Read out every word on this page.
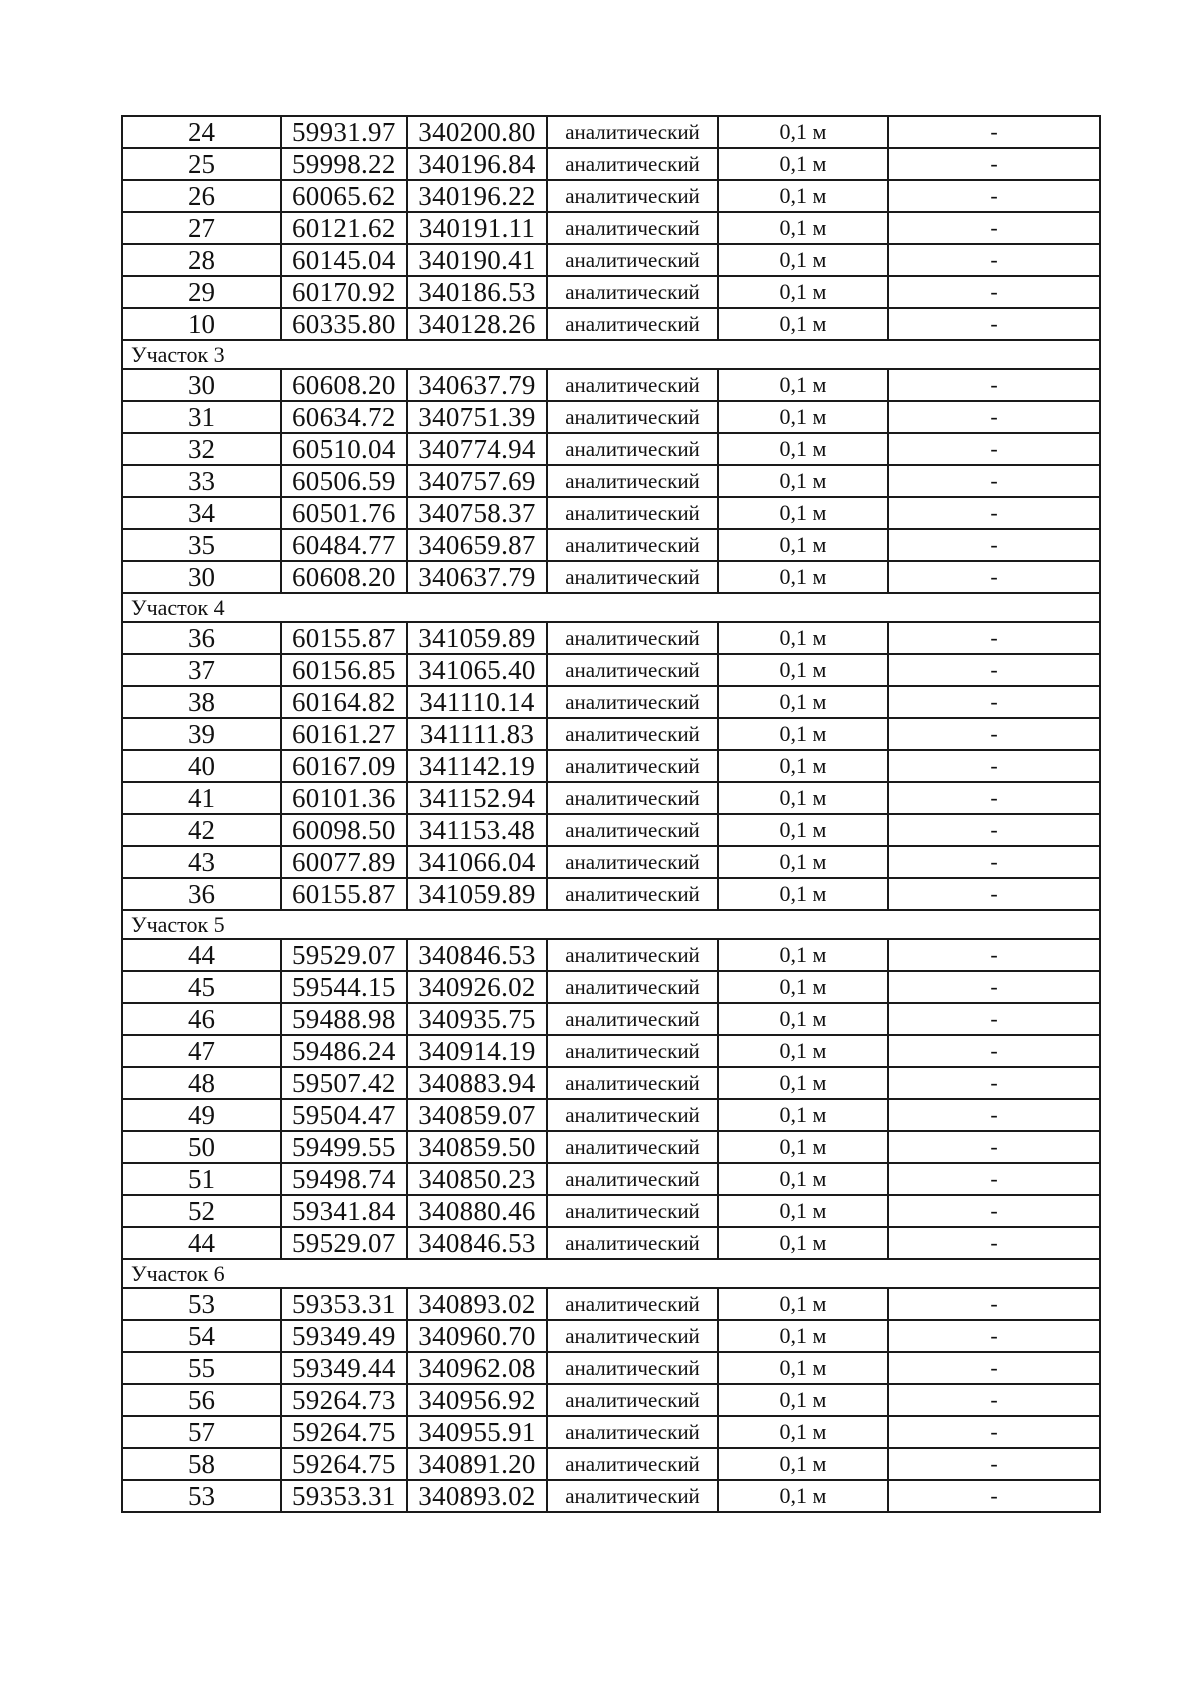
24	59931.97	340200.80	аналитический	0,1 м	-
25	59998.22	340196.84	аналитический	0,1 м	-
26	60065.62	340196.22	аналитический	0,1 м	-
27	60121.62	340191.11	аналитический	0,1 м	-
28	60145.04	340190.41	аналитический	0,1 м	-
29	60170.92	340186.53	аналитический	0,1 м	-
10	60335.80	340128.26	аналитический	0,1 м	-
Участок 3					
30	60608.20	340637.79	аналитический	0,1 м	-
31	60634.72	340751.39	аналитический	0,1 м	-
32	60510.04	340774.94	аналитический	0,1 м	-
33	60506.59	340757.69	аналитический	0,1 м	-
34	60501.76	340758.37	аналитический	0,1 м	-
35	60484.77	340659.87	аналитический	0,1 м	-
30	60608.20	340637.79	аналитический	0,1 м	-
Участок 4					
36	60155.87	341059.89	аналитический	0,1 м	-
37	60156.85	341065.40	аналитический	0,1 м	-
38	60164.82	341110.14	аналитический	0,1 м	-
39	60161.27	341111.83	аналитический	0,1 м	-
40	60167.09	341142.19	аналитический	0,1 м	-
41	60101.36	341152.94	аналитический	0,1 м	-
42	60098.50	341153.48	аналитический	0,1 м	-
43	60077.89	341066.04	аналитический	0,1 м	-
36	60155.87	341059.89	аналитический	0,1 м	-
Участок 5					
44	59529.07	340846.53	аналитический	0,1 м	-
45	59544.15	340926.02	аналитический	0,1 м	-
46	59488.98	340935.75	аналитический	0,1 м	-
47	59486.24	340914.19	аналитический	0,1 м	-
48	59507.42	340883.94	аналитический	0,1 м	-
49	59504.47	340859.07	аналитический	0,1 м	-
50	59499.55	340859.50	аналитический	0,1 м	-
51	59498.74	340850.23	аналитический	0,1 м	-
52	59341.84	340880.46	аналитический	0,1 м	-
44	59529.07	340846.53	аналитический	0,1 м	-
Участок 6					
53	59353.31	340893.02	аналитический	0,1 м	-
54	59349.49	340960.70	аналитический	0,1 м	-
55	59349.44	340962.08	аналитический	0,1 м	-
56	59264.73	340956.92	аналитический	0,1 м	-
57	59264.75	340955.91	аналитический	0,1 м	-
58	59264.75	340891.20	аналитический	0,1 м	-
53	59353.31	340893.02	аналитический	0,1 м	-
